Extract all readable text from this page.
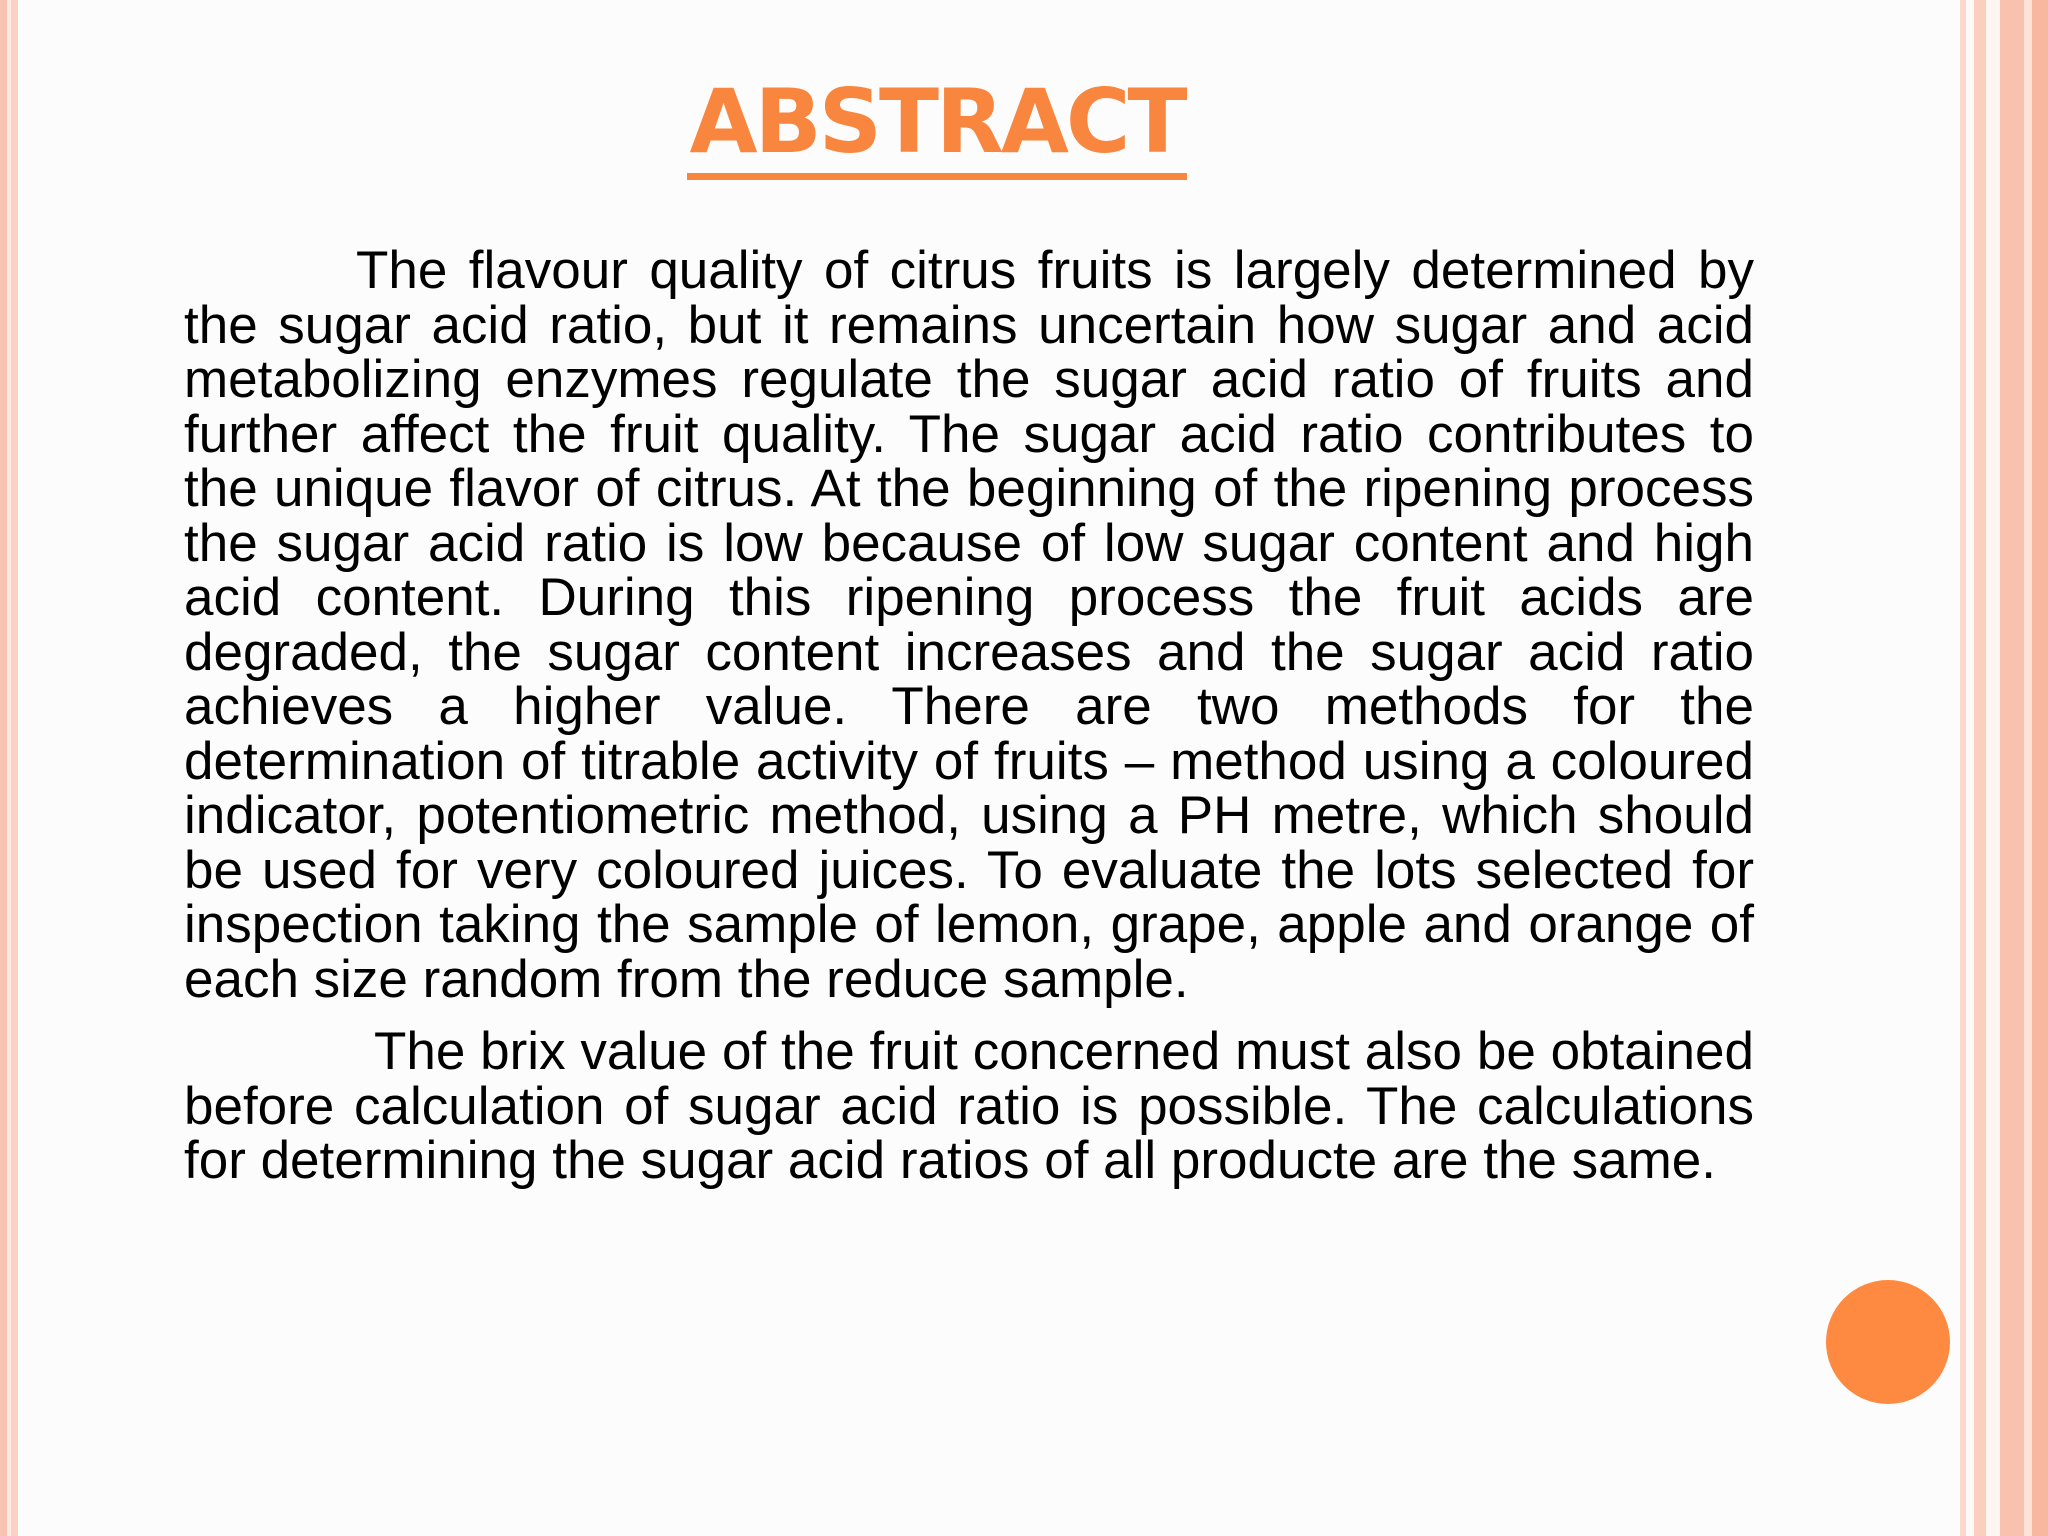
ABSTRACT

The flavour quality of citrus fruits is largely determined by the sugar acid ratio, but it remains uncertain how sugar and acid metabolizing enzymes regulate the sugar acid ratio of fruits and further affect the fruit quality. The sugar acid ratio contributes to the unique flavor of citrus. At the beginning of the ripening process the sugar acid ratio is low because of low sugar content and high acid content. During this ripening process the fruit acids are degraded, the sugar content increases and the sugar acid ratio achieves a higher value. There are two methods for the determination of titrable activity of fruits – method using a coloured indicator, potentiometric method, using a PH metre, which should be used for very coloured juices. To evaluate the lots selected for inspection taking the sample of lemon, grape, apple and orange of each size random from the reduce sample.

The brix value of the fruit concerned must also be obtained before calculation of sugar acid ratio is possible. The calculations for determining the sugar acid ratios of all producte are the same.
